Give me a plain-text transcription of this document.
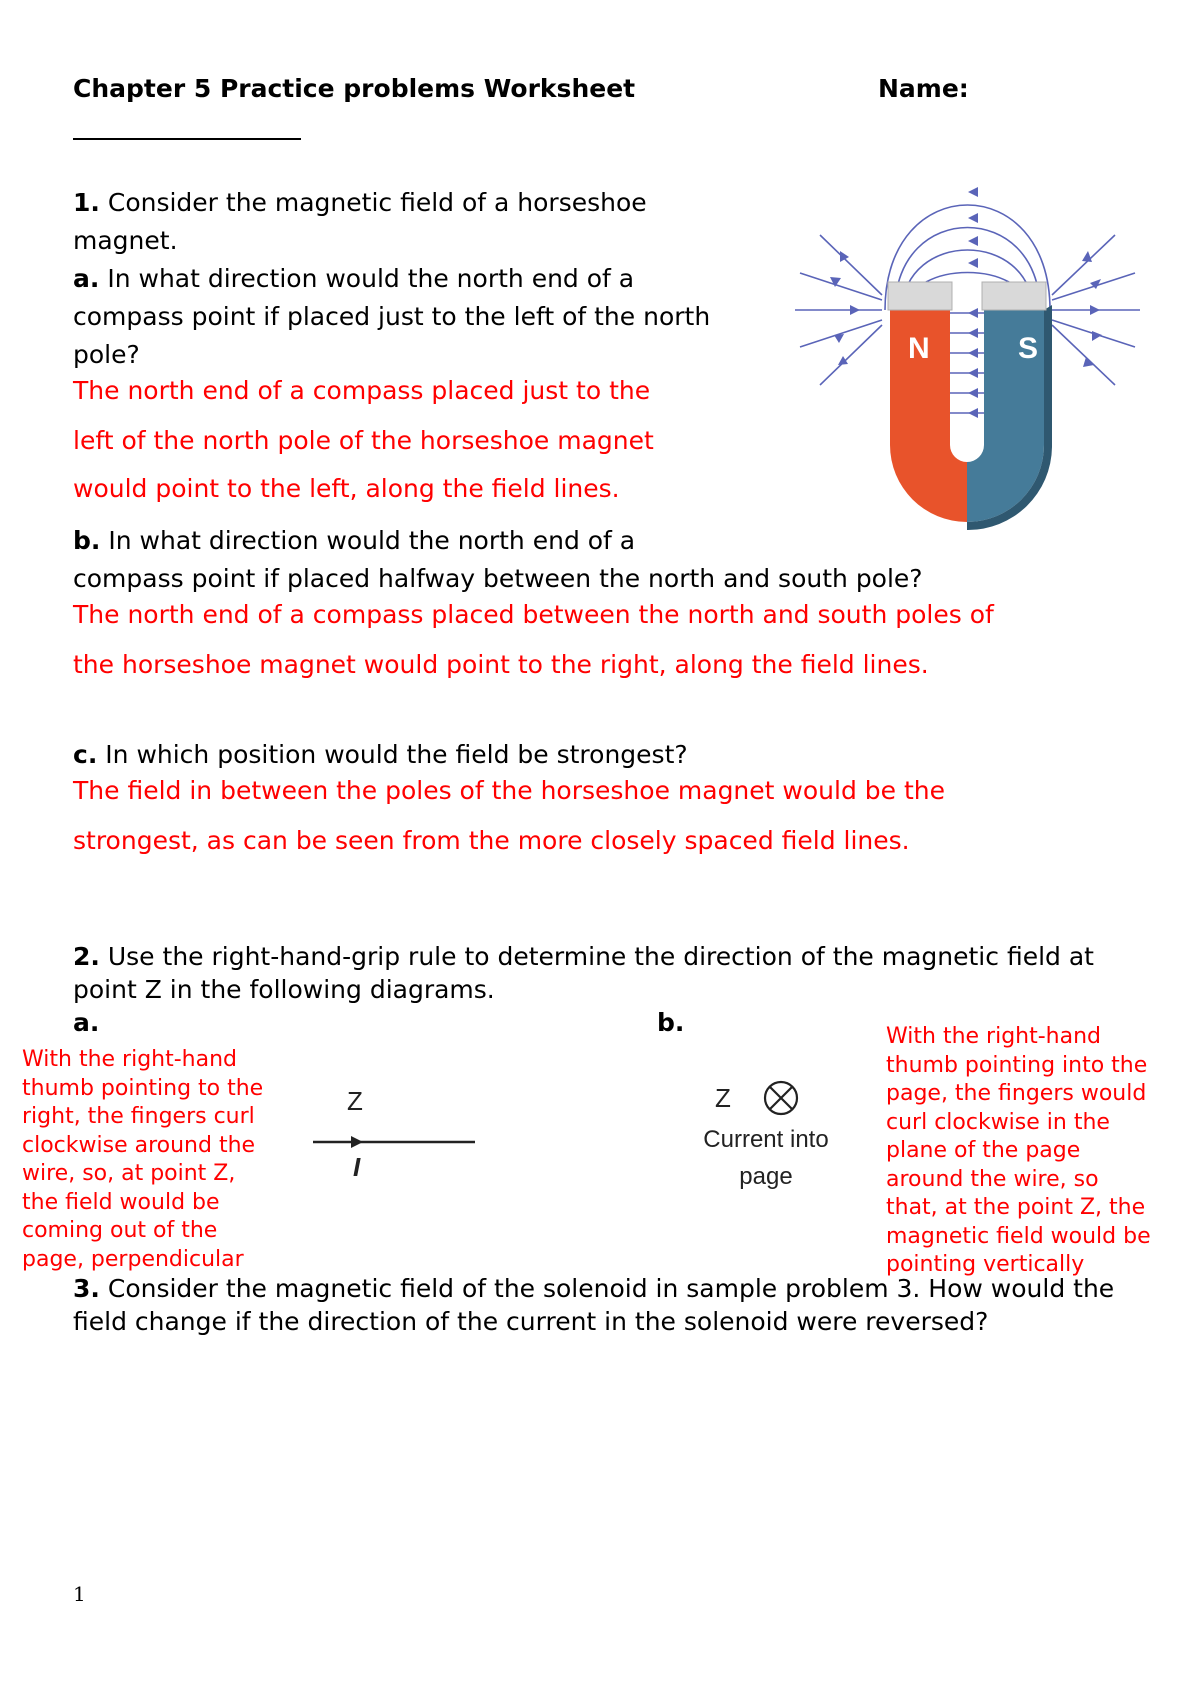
Chapter 5 Practice problems Worksheet	Name:
1. Consider the magnetic field of a horseshoe magnet.
a. In what direction would the north end of a compass point if placed just to the left of the north pole?
The north end of a compass placed just to the
left of the north pole of the horseshoe magnet
would point to the left, along the field lines.
b. In what direction would the north end of a
compass point if placed halfway between the north and south pole?
The north end of a compass placed between the north and south poles of
the horseshoe magnet would point to the right, along the field lines.
c. In which position would the field be strongest?
The field in between the poles of the horseshoe magnet would be the
strongest, as can be seen from the more closely spaced field lines.
N	S
2. Use the right-hand-grip rule to determine the direction of the magnetic field at point Z in the following diagrams.
a.	b.
With the right-hand
thumb pointing to the
right, the fingers curl
clockwise around the
wire, so, at point Z,
the field would be
coming out of the
page, perpendicular
Z
I
Z
Current into
page
With the right-hand
thumb pointing into the
page, the fingers would
curl clockwise in the
plane of the page
around the wire, so
that, at the point Z, the
magnetic field would be
pointing vertically
3. Consider the magnetic field of the solenoid in sample problem 3. How would the field change if the direction of the current in the solenoid were reversed?
1
